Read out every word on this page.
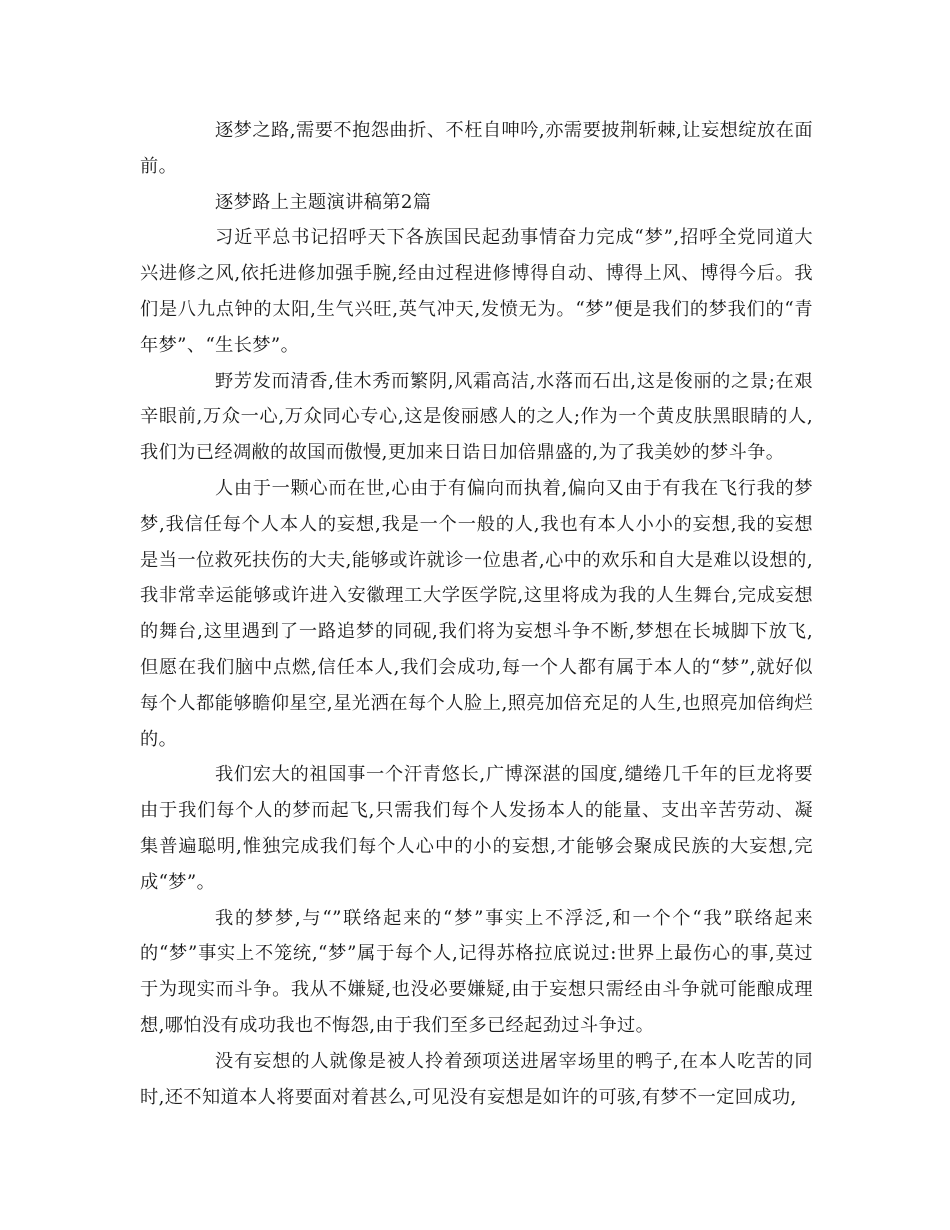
逐梦之路,需要不抱怨曲折、不枉自呻吟,亦需要披荆斩棘,让妄想绽放在面前。

逐梦路上主题演讲稿第2篇

习近平总书记招呼天下各族国民起劲事情奋力完成“梦”,招呼全党同道大兴进修之风,依托进修加强手腕,经由过程进修博得自动、博得上风、博得今后。我们是八九点钟的太阳,生气兴旺,英气冲天,发愤无为。“梦”便是我们的梦我们的“青年梦”、“生长梦”。

野芳发而清香,佳木秀而繁阴,风霜高洁,水落而石出,这是俊丽的之景;在艰辛眼前,万众一心,万众同心专心,这是俊丽感人的之人;作为一个黄皮肤黑眼睛的人,我们为已经凋敝的故国而傲慢,更加来日诰日加倍鼎盛的,为了我美妙的梦斗争。

人由于一颗心而在世,心由于有偏向而执着,偏向又由于有我在飞行我的梦梦,我信任每个人本人的妄想,我是一个一般的人,我也有本人小小的妄想,我的妄想是当一位救死扶伤的大夫,能够或许就诊一位患者,心中的欢乐和自大是难以设想的,我非常幸运能够或许进入安徽理工大学医学院,这里将成为我的人生舞台,完成妄想的舞台,这里遇到了一路追梦的同砚,我们将为妄想斗争不断,梦想在长城脚下放飞,但愿在我们脑中点燃,信任本人,我们会成功,每一个人都有属于本人的“梦”,就好似每个人都能够瞻仰星空,星光洒在每个人脸上,照亮加倍充足的人生,也照亮加倍绚烂的。

我们宏大的祖国事一个汗青悠长,广博深湛的国度,缱绻几千年的巨龙将要由于我们每个人的梦而起飞,只需我们每个人发扬本人的能量、支出辛苦劳动、凝集普遍聪明,惟独完成我们每个人心中的小的妄想,才能够会聚成民族的大妄想,完成“梦”。

我的梦梦,与“”联络起来的“梦”事实上不浮泛,和一个个“我”联络起来的“梦”事实上不笼统,“梦”属于每个人,记得苏格拉底说过:世界上最伤心的事,莫过于为现实而斗争。我从不嫌疑,也没必要嫌疑,由于妄想只需经由斗争就可能酿成理想,哪怕没有成功我也不悔怨,由于我们至多已经起劲过斗争过。

没有妄想的人就像是被人拎着颈项送进屠宰场里的鸭子,在本人吃苦的同时,还不知道本人将要面对着甚么,可见没有妄想是如许的可骇,有梦不一定回成功,
